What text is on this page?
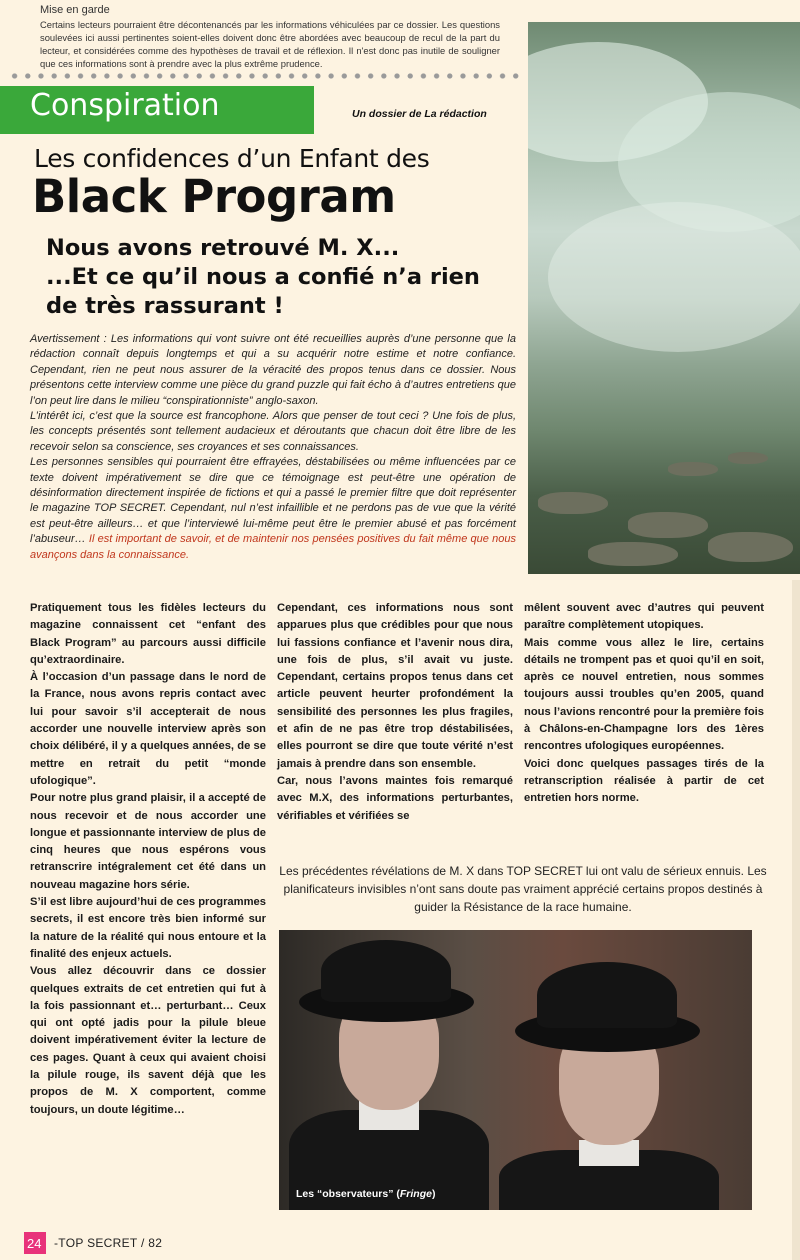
Mise en garde
Certains lecteurs pourraient être décontenancés par les informations véhiculées par ce dossier. Les questions soulevées ici aussi pertinentes soient-elles doivent donc être abordées avec beaucoup de recul de la part du lecteur, et considérées comme des hypothèses de travail et de réflexion. Il n'est donc pas inutile de souligner que ces informations sont à prendre avec la plus extrême prudence.
Conspiration	Un dossier de La rédaction
Les confidences d’un Enfant des
Black Program
Nous avons retrouvé M. X...
...Et ce qu’il nous a confié n’a rien
de très rassurant !
Avertissement : Les informations qui vont suivre ont été recueillies auprès d’une personne que la rédaction connaît depuis longtemps et qui a su acquérir notre estime et notre confiance. Cependant, rien ne peut nous assurer de la véracité des propos tenus dans ce dossier. Nous présentons cette interview comme une pièce du grand puzzle qui fait écho à d’autres entretiens que l’on peut lire dans le milieu “conspirationniste” anglo-saxon.
L’intérêt ici, c’est que la source est francophone. Alors que penser de tout ceci ? Une fois de plus, les concepts présentés sont tellement audacieux et déroutants que chacun doit être libre de les recevoir selon sa conscience, ses croyances et ses connaissances.
Les personnes sensibles qui pourraient être effrayées, déstabilisées ou même influencées par ce texte doivent impérativement se dire que ce témoignage est peut-être une opération de désinformation directement inspirée de fictions et qui a passé le premier filtre que doit représenter le magazine TOP SECRET. Cependant, nul n’est infaillible et ne perdons pas de vue que la vérité est peut-être ailleurs… et que l’interviewé lui-même peut être le premier abusé et pas forcément l’abuseur… Il est important de savoir, et de maintenir nos pensées positives du fait même que nous avançons dans la connaissance.

Pratiquement tous les fidèles lecteurs du magazine connaissent cet “enfant des Black Program” au parcours aussi difficile qu’extraordinaire.

À l’occasion d’un passage dans le nord de la France, nous avons repris contact avec lui pour savoir s’il accepterait de nous accorder une nouvelle interview après son choix délibéré, il y a quelques années, de se mettre en retrait du petit “monde ufologique”.

Pour notre plus grand plaisir, il a accepté de nous recevoir et de nous accorder une longue et passionnante interview de plus de cinq heures que nous espérons vous retranscrire intégralement cet été dans un nouveau magazine hors série.

S’il est libre aujourd’hui de ces programmes secrets, il est encore très bien informé sur la nature de la réalité qui nous entoure et la finalité des enjeux actuels.

Vous allez découvrir dans ce dossier quelques extraits de cet entretien qui fut à la fois passionnant et… perturbant… Ceux qui ont opté jadis pour la pilule bleue doivent impérativement éviter la lecture de ces pages. Quant à ceux qui avaient choisi la pilule rouge, ils savent déjà que les propos de M. X comportent, comme toujours, un doute légitime…

Cependant, ces informations nous sont apparues plus que crédibles pour que nous lui fassions confiance et l’avenir nous dira, une fois de plus, s’il avait vu juste. Cependant, certains propos tenus dans cet article peuvent heurter profondément la sensibilité des personnes les plus fragiles, et afin de ne pas être trop déstabilisées, elles pourront se dire que toute vérité n’est jamais à prendre dans son ensemble.

Car, nous l’avons maintes fois remarqué avec M.X, des informations perturbantes, vérifiables et vérifiées se

mêlent souvent avec d’autres qui peuvent paraître complètement utopiques.

Mais comme vous allez le lire, certains détails ne trompent pas et quoi qu’il en soit, après ce nouvel entretien, nous sommes toujours aussi troubles qu’en 2005, quand nous l’avions rencontré pour la première fois à Châlons-en-Champagne lors des 1ères rencontres ufologiques européennes.

Voici donc quelques passages tirés de la retranscription réalisée à partir de cet entretien hors norme.

Les précédentes révélations de M. X dans TOP SECRET lui ont valu de sérieux ennuis. Les planificateurs invisibles n’ont sans doute pas vraiment apprécié certains propos destinés à guider la Résistance de la race humaine.
Les “observateurs” (Fringe)
24 -TOP SECRET / 82
